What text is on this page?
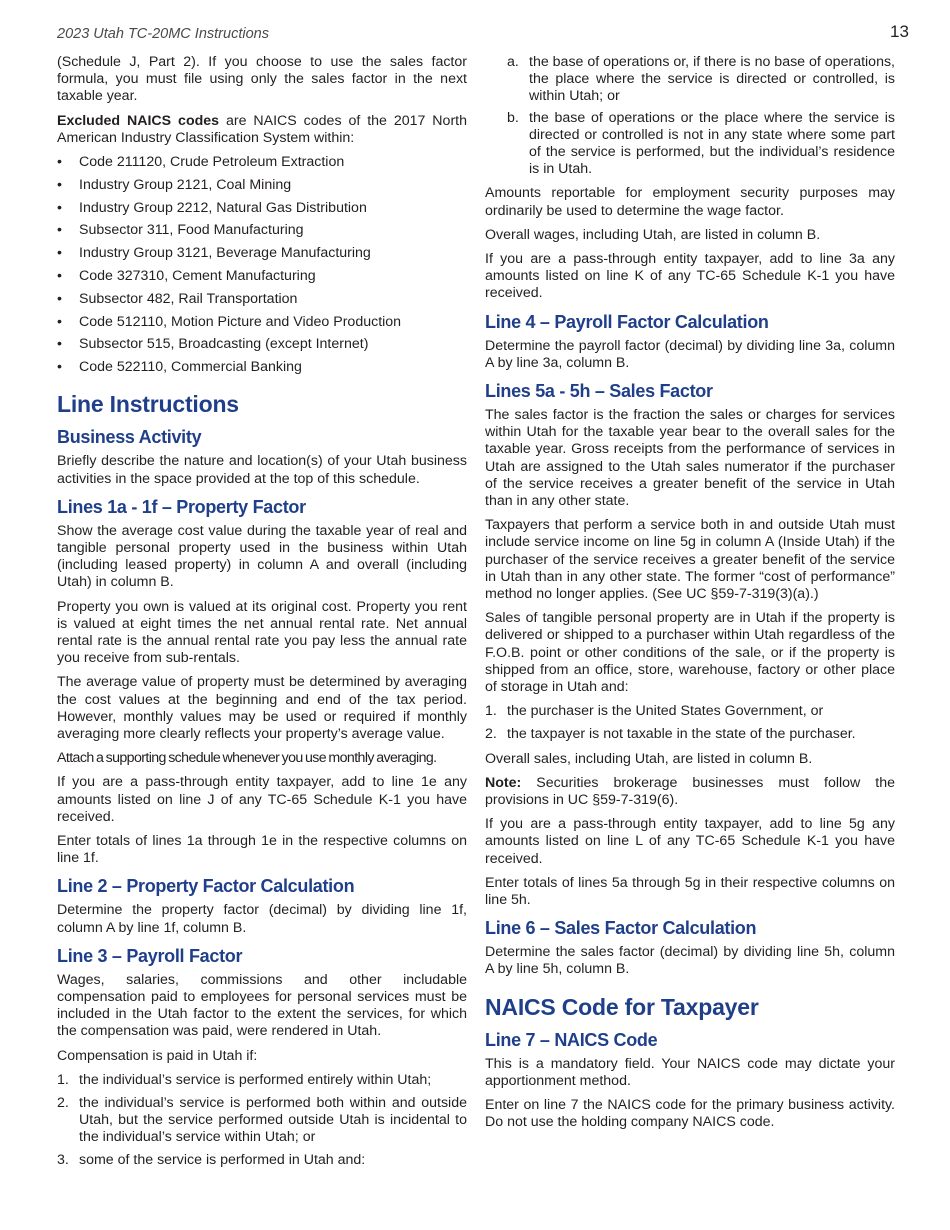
2023 Utah TC-20MC Instructions	13

(Schedule J, Part 2). If you choose to use the sales factor formula, you must file using only the sales factor in the next taxable year.

Excluded NAICS codes are NAICS codes of the 2017 North American Industry Classification System within:

• Code 211120, Crude Petroleum Extraction
• Industry Group 2121, Coal Mining
• Industry Group 2212, Natural Gas Distribution
• Subsector 311, Food Manufacturing
• Industry Group 3121, Beverage Manufacturing
• Code 327310, Cement Manufacturing
• Subsector 482, Rail Transportation
• Code 512110, Motion Picture and Video Production
• Subsector 515, Broadcasting (except Internet)
• Code 522110, Commercial Banking
Line Instructions
Business Activity

Briefly describe the nature and location(s) of your Utah business activities in the space provided at the top of this schedule.

Lines 1a - 1f – Property Factor

Show the average cost value during the taxable year of real and tangible personal property used in the business within Utah (including leased property) in column A and overall (including Utah) in column B.

Property you own is valued at its original cost. Property you rent is valued at eight times the net annual rental rate. Net annual rental rate is the annual rental rate you pay less the annual rate you receive from sub-rentals.

The average value of property must be determined by averaging the cost values at the beginning and end of the tax period. However, monthly values may be used or required if monthly averaging more clearly reflects your property’s average value.

Attach a supporting schedule whenever you use monthly averaging.

If you are a pass-through entity taxpayer, add to line 1e any amounts listed on line J of any TC-65 Schedule K-1 you have received.

Enter totals of lines 1a through 1e in the respective columns on line 1f.

Line 2 – Property Factor Calculation

Determine the property factor (decimal) by dividing line 1f, column A by line 1f, column B.

Line 3 – Payroll Factor

Wages, salaries, commissions and other includable compensation paid to employees for personal services must be included in the Utah factor to the extent the services, for which the compensation was paid, were rendered in Utah.

Compensation is paid in Utah if:

1. the individual’s service is performed entirely within Utah;
2. the individual’s service is performed both within and outside Utah, but the service performed outside Utah is incidental to the individual’s service within Utah; or
3. some of the service is performed in Utah and:
a. the base of operations or, if there is no base of operations, the place where the service is directed or controlled, is within Utah; or
b. the base of operations or the place where the service is directed or controlled is not in any state where some part of the service is performed, but the individual’s residence is in Utah.

Amounts reportable for employment security purposes may ordinarily be used to determine the wage factor.

Overall wages, including Utah, are listed in column B.

If you are a pass-through entity taxpayer, add to line 3a any amounts listed on line K of any TC-65 Schedule K-1 you have received.

Line 4 – Payroll Factor Calculation

Determine the payroll factor (decimal) by dividing line 3a, column A by line 3a, column B.

Lines 5a - 5h – Sales Factor

The sales factor is the fraction the sales or charges for services within Utah for the taxable year bear to the overall sales for the taxable year. Gross receipts from the performance of services in Utah are assigned to the Utah sales numerator if the purchaser of the service receives a greater benefit of the service in Utah than in any other state.

Taxpayers that perform a service both in and outside Utah must include service income on line 5g in column A (Inside Utah) if the purchaser of the service receives a greater benefit of the service in Utah than in any other state. The former “cost of performance” method no longer applies. (See UC §59-7-319(3)(a).)

Sales of tangible personal property are in Utah if the property is delivered or shipped to a purchaser within Utah regardless of the F.O.B. point or other conditions of the sale, or if the property is shipped from an office, store, warehouse, factory or other place of storage in Utah and:

1. the purchaser is the United States Government, or
2. the taxpayer is not taxable in the state of the purchaser.

Overall sales, including Utah, are listed in column B.

Note: Securities brokerage businesses must follow the provisions in UC §59-7-319(6).

If you are a pass-through entity taxpayer, add to line 5g any amounts listed on line L of any TC-65 Schedule K-1 you have received.

Enter totals of lines 5a through 5g in their respective columns on line 5h.

Line 6 – Sales Factor Calculation

Determine the sales factor (decimal) by dividing line 5h, column A by line 5h, column B.

NAICS Code for Taxpayer
Line 7 – NAICS Code

This is a mandatory field. Your NAICS code may dictate your apportionment method.

Enter on line 7 the NAICS code for the primary business activity. Do not use the holding company NAICS code.
